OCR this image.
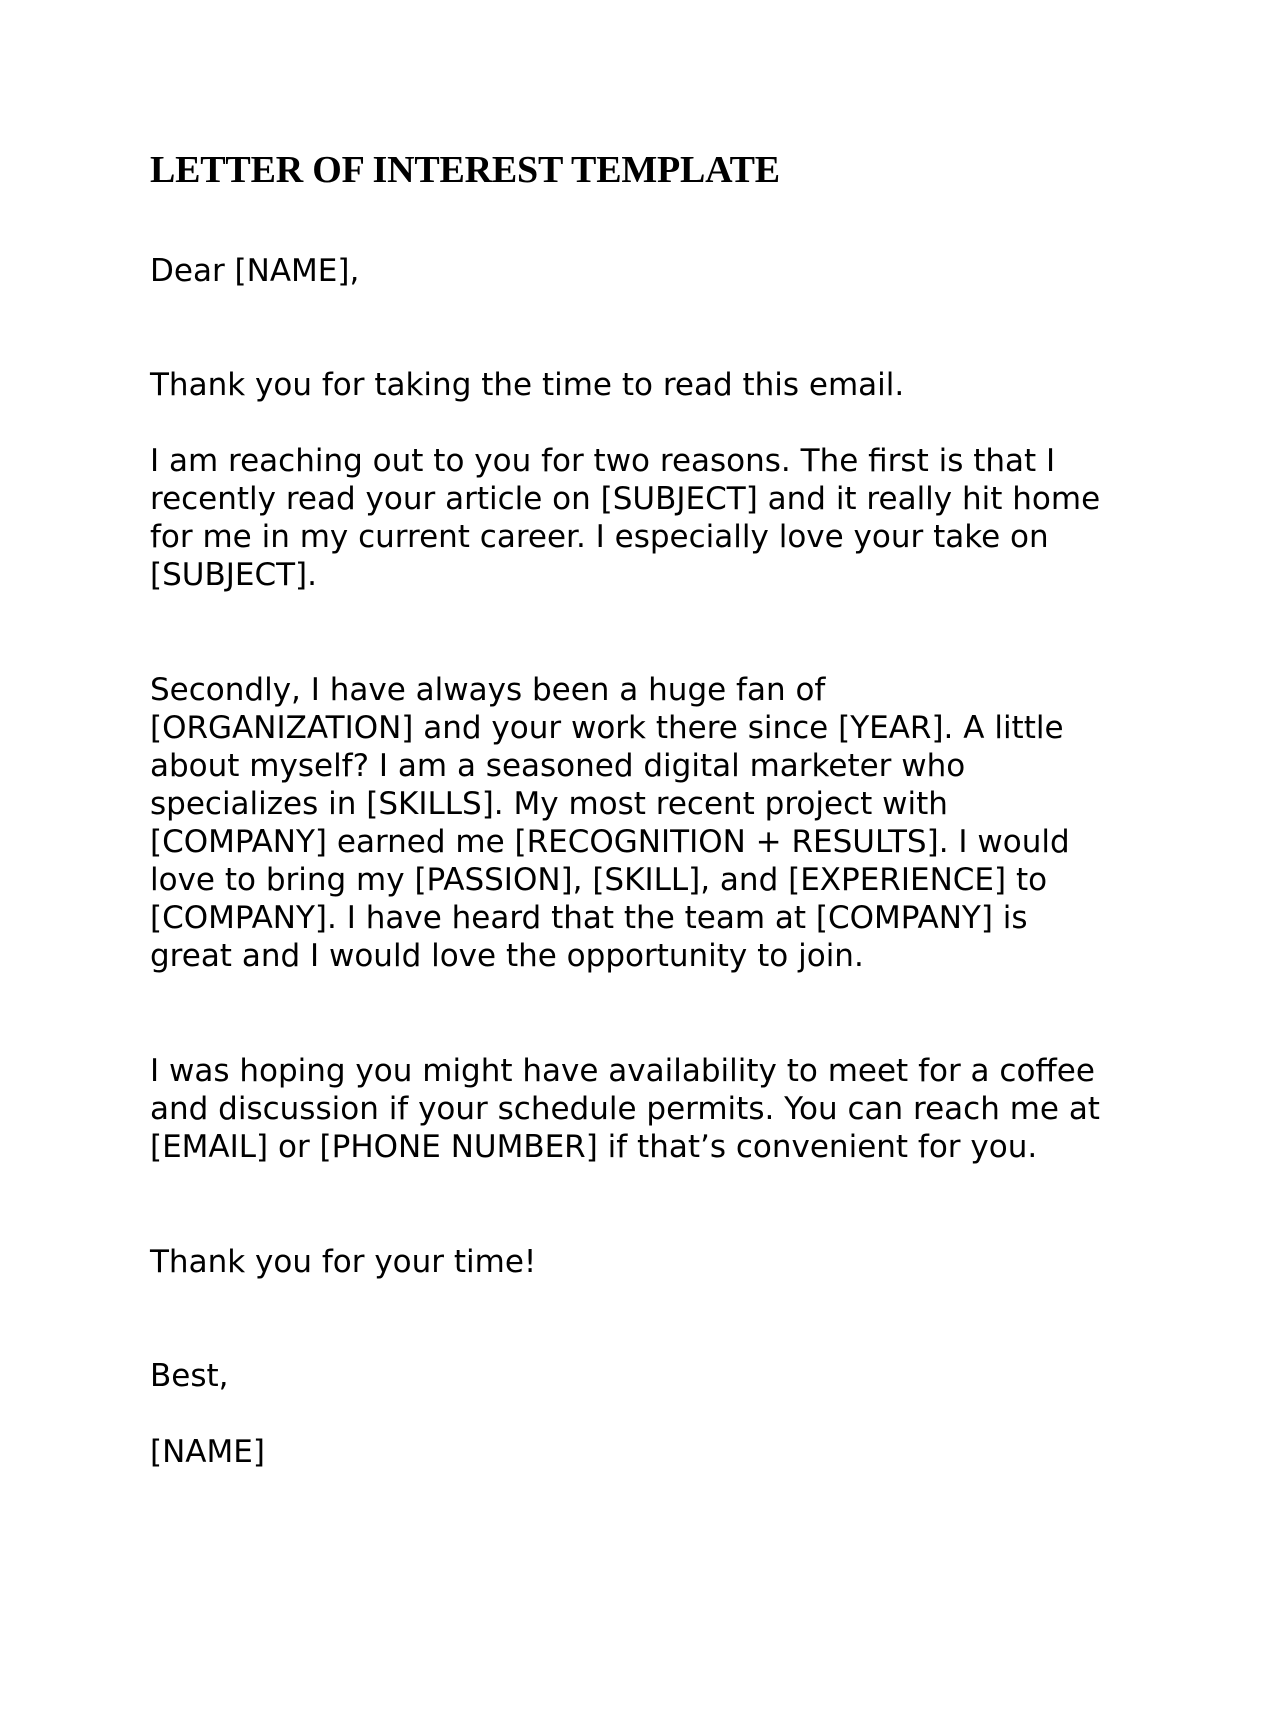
LETTER OF INTEREST TEMPLATE

Dear [NAME],

Thank you for taking the time to read this email.

I am reaching out to you for two reasons. The first is that I
recently read your article on [SUBJECT] and it really hit home
for me in my current career. I especially love your take on
[SUBJECT].

Secondly, I have always been a huge fan of
[ORGANIZATION] and your work there since [YEAR]. A little
about myself? I am a seasoned digital marketer who
specializes in [SKILLS]. My most recent project with
[COMPANY] earned me [RECOGNITION + RESULTS]. I would
love to bring my [PASSION], [SKILL], and [EXPERIENCE] to
[COMPANY]. I have heard that the team at [COMPANY] is
great and I would love the opportunity to join.

I was hoping you might have availability to meet for a coffee
and discussion if your schedule permits. You can reach me at
[EMAIL] or [PHONE NUMBER] if that’s convenient for you.

Thank you for your time!

Best,

[NAME]
